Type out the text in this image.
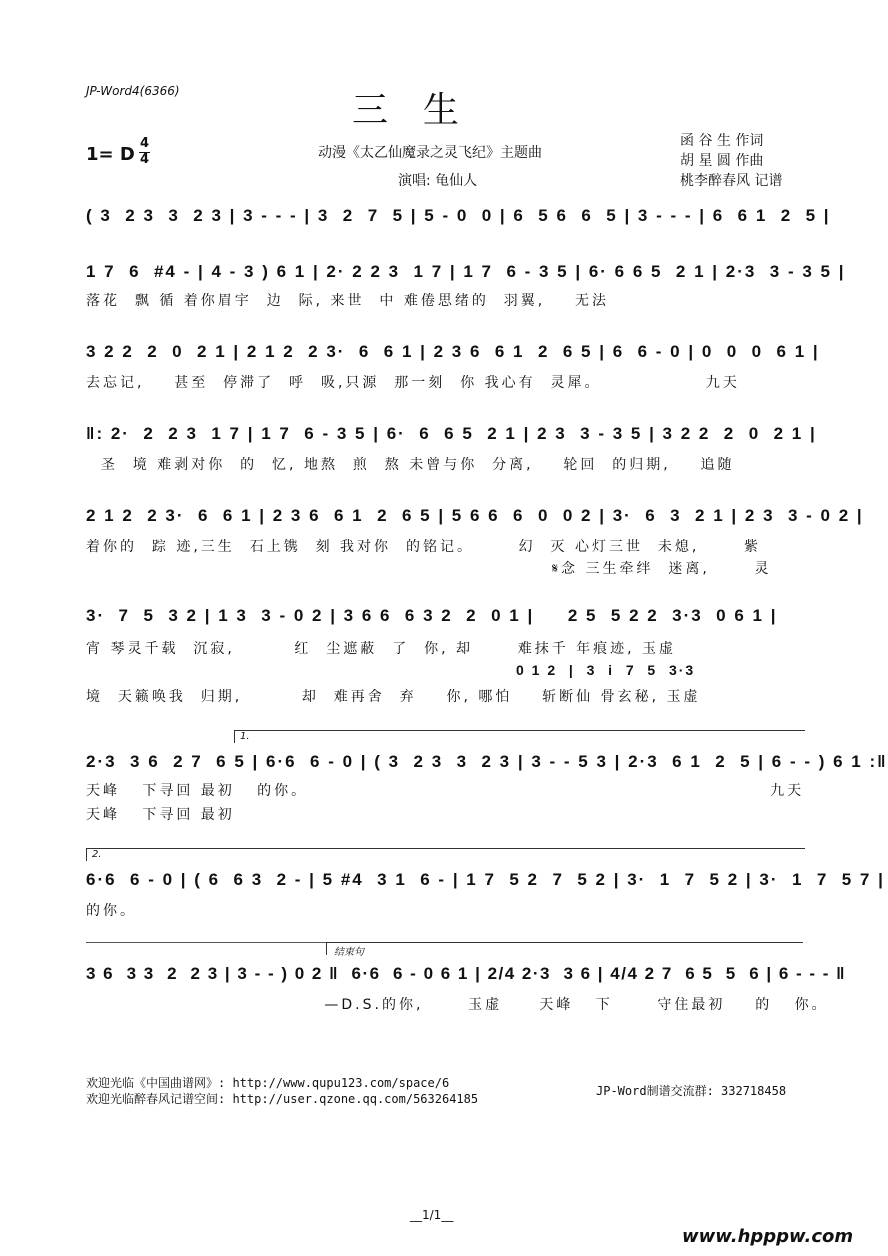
JP-Word4(6366)	三  生
1= D
4
4	动漫《太乙仙魔录之灵飞纪》主题曲
演唱: 龟仙人
函 谷 生 作词
胡 星 圆 作曲
桃李醉春风 记谱
( 3  2 3  3  2 3 | 3 - - - | 3  2  7  5 | 5 - 0  0 | 6  5 6  6  5 | 3 - - - | 6  6 1  2  5 |
1 7  6  #4 - | 4 - 3 ) 6 1 | 2· 2 2 3  1 7 | 1 7  6 - 3 5 | 6· 6 6 5  2 1 | 2·3  3 - 3 5 |
落花  飘 循 着你眉宇  边  际, 来世  中 难倦思绪的  羽翼,    无法
3 2 2  2  0  2 1 | 2 1 2  2 3·  6  6 1 | 2 3 6  6 1  2  6 5 | 6  6 - 0 | 0  0  0  6 1 |
去忘记,    甚至  停滞了  呼  吸,只源  那一刻  你 我心有  灵犀。              九天
‖: 2·  2  2 3  1 7 | 1 7  6 - 3 5 | 6·  6  6 5  2 1 | 2 3  3 - 3 5 | 3 2 2  2  0  2 1 |
圣  境 难剥对你  的  忆, 地熬  煎  熬 未曾与你  分离,    轮回  的归期,    追随
2 1 2  2 3·  6  6 1 | 2 3 6  6 1  2  6 5 | 5 6 6  6  0  0 2 | 3·  6  3  2 1 | 2 3  3 - 0 2 |
着你的  踪 迹,三生  石上镌  刻 我对你  的铭记。      幻  灭 心灯三世  未熄,      紫
𝄋念 三生牵绊  迷离,      灵
3·  7  5  3 2 | 1 3  3 - 0 2 | 3 6 6  6 3 2  2  0 1 |     2 5  5 2 2  3·3  0 6 1 |
宵 琴灵千载  沉寂,        红  尘遮蔽  了  你, 却      难抹千 年痕迹, 玉虚
0 1 2  |  3  i  7  5  3·3
境  天籁唤我  归期,        却  难再舍  弃    你, 哪怕    斩断仙 骨玄秘, 玉虚
1.
2·3  3 6  2 7  6 5 | 6·6  6 - 0 | ( 3  2 3  3  2 3 | 3 - - 5 3 | 2·3  6 1  2  5 | 6 - - ) 6 1 :‖
天峰   下寻回 最初   的你。                                                              九天
天峰   下寻回 最初
2.
6·6  6 - 0 | ( 6  6 3  2 - | 5 #4  3 1  6 - | 1 7  5 2  7  5 2 | 3·  1  7  5 2 | 3·  1  7  5 7 |
的你。
结束句
3 6  3 3  2  2 3 | 3 - - ) 0 2 ‖  6·6  6 - 0 6 1 | 2/4 2·3  3 6 | 4/4 2 7  6 5  5  6 | 6 - - - ‖
—D.S.的你,      玉虚     天峰   下      守住最初    的   你。
欢迎光临《中国曲谱网》: http://www.qupu123.com/space/6
欢迎光临醉春风记谱空间: http://user.qzone.qq.com/563264185
JP-Word制谱交流群: 332718458
__1/1__
www.hpppw.com
